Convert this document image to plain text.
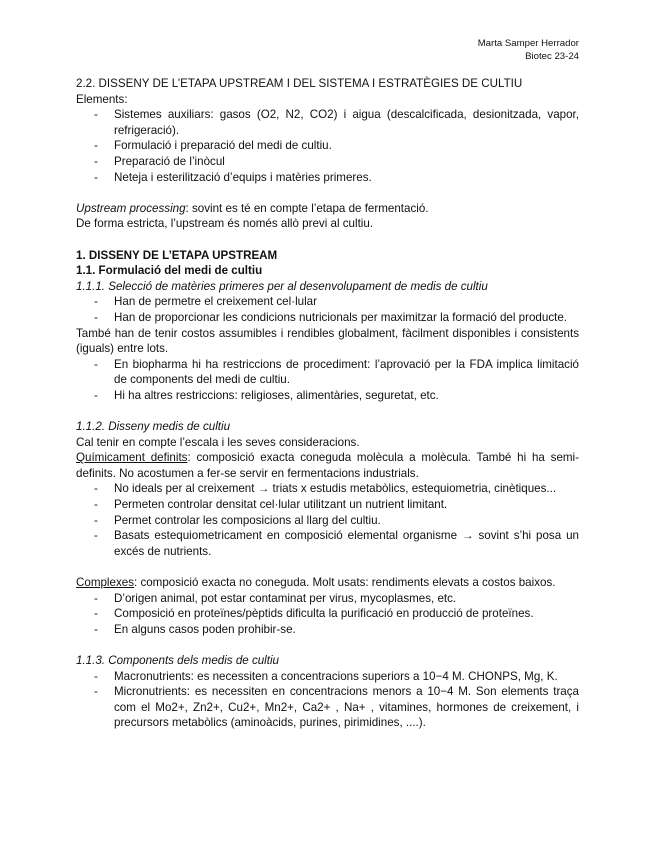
Marta Samper Herrador
Biotec 23-24

2.2. DISSENY DE L’ETAPA UPSTREAM I DEL SISTEMA I ESTRATÈGIES DE CULTIU

Elements:

- Sistemes auxiliars: gasos (O2, N2, CO2) i aigua (descalcificada, desionitzada, vapor, refrigeració).
- Formulació i preparació del medi de cultiu.
- Preparació de l’inòcul
- Neteja i esterilització d’equips i matèries primeres.

Upstream processing: sovint es té en compte l’etapa de fermentació.

De forma estricta, l’upstream és només allò previ al cultiu.

1. DISSENY DE L’ETAPA UPSTREAM
1.1. Formulació del medi de cultiu

1.1.1. Selecció de matèries primeres per al desenvolupament de medis de cultiu

- Han de permetre el creixement cel·lular
- Han de proporcionar les condicions nutricionals per maximitzar la formació del producte.

També han de tenir costos assumibles i rendibles globalment, fàcilment disponibles i consistents (iguals) entre lots.

- En biopharma hi ha restriccions de procediment: l’aprovació per la FDA implica limitació de components del medi de cultiu.
- Hi ha altres restriccions: religioses, alimentàries, seguretat, etc.

1.1.2. Disseny medis de cultiu

Cal tenir en compte l’escala i les seves consideracions.

Químicament definits: composició exacta coneguda molècula a molècula. També hi ha semi-definits. No acostumen a fer-se servir en fermentacions industrials.

- No ideals per al creixement → triats x estudis metabòlics, estequiometria, cinètiques...
- Permeten controlar densitat cel·lular utilitzant un nutrient limitant.
- Permet controlar les composicions al llarg del cultiu.
- Basats estequiometricament en composició elemental organisme → sovint s’hi posa un excés de nutrients.

Complexes: composició exacta no coneguda. Molt usats: rendiments elevats a costos baixos.

- D’origen animal, pot estar contaminat per virus, mycoplasmes, etc.
- Composició en proteïnes/pèptids dificulta la purificació en producció de proteïnes.
- En alguns casos poden prohibir-se.

1.1.3. Components dels medis de cultiu

- Macronutrients: es necessiten a concentracions superiors a 10−4 M. CHONPS, Mg, K.
- Micronutrients: es necessiten en concentracions menors a 10−4 M. Son elements traça com el Mo2+, Zn2+, Cu2+, Mn2+, Ca2+ , Na+ , vitamines, hormones de creixement, i precursors metabòlics (aminoàcids, purines, pirimidines, ....).
